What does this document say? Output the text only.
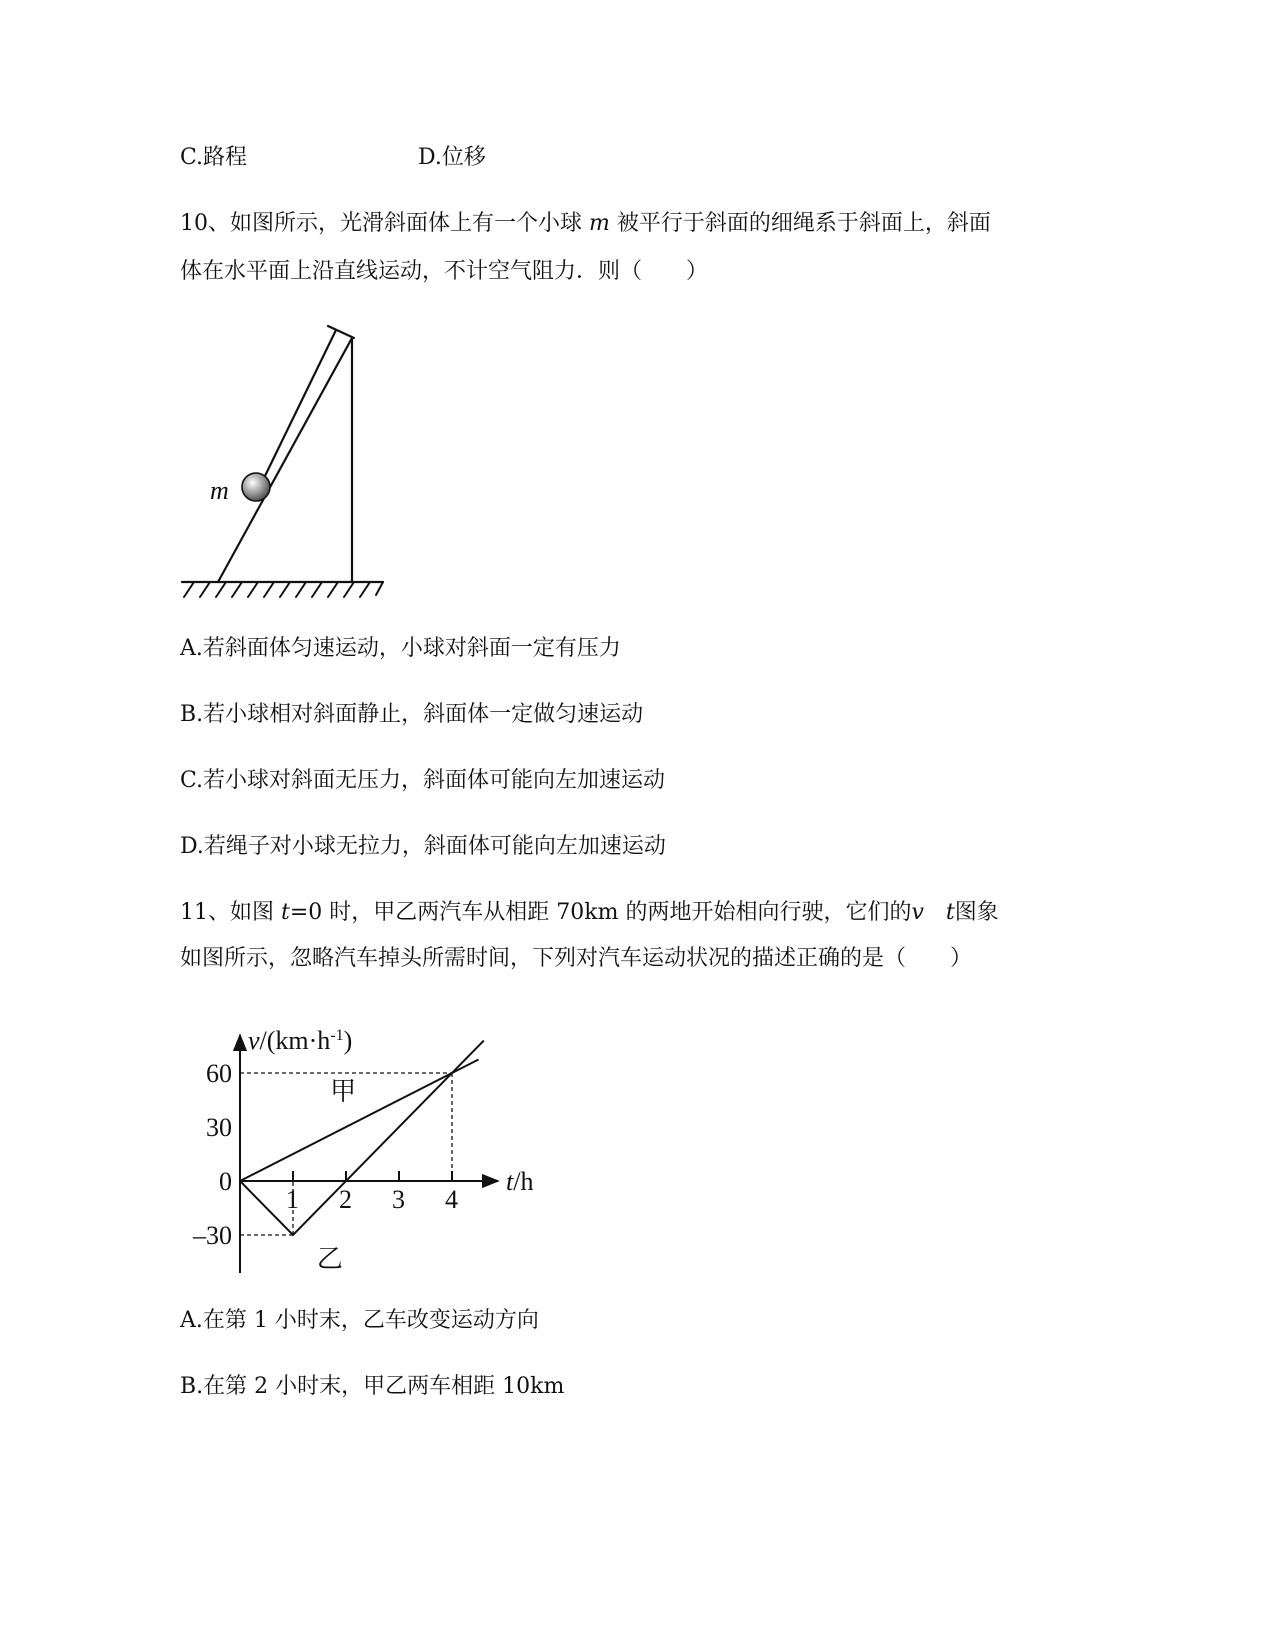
C.路程	D.位移
10、如图所示，光滑斜面体上有一个小球 m 被平行于斜面的细绳系于斜面上，斜面
体在水平面上沿直线运动，不计空气阻力．则（　　）
m
A.若斜面体匀速运动，小球对斜面一定有压力
B.若小球相对斜面静止，斜面体一定做匀速运动
C.若小球对斜面无压力，斜面体可能向左加速运动
D.若绳子对小球无拉力，斜面体可能向左加速运动
11、如图 t=0 时，甲乙两汽车从相距 70km 的两地开始相向行驶，它们的v t图象
如图所示，忽略汽车掉头所需时间，下列对汽车运动状况的描述正确的是（　　）
1 2 3 4
60
30
0
–30
$v/(km\cdot h^{-1})$
t/h
甲
乙
A.在第 1 小时末，乙车改变运动方向
B.在第 2 小时末，甲乙两车相距 10km
